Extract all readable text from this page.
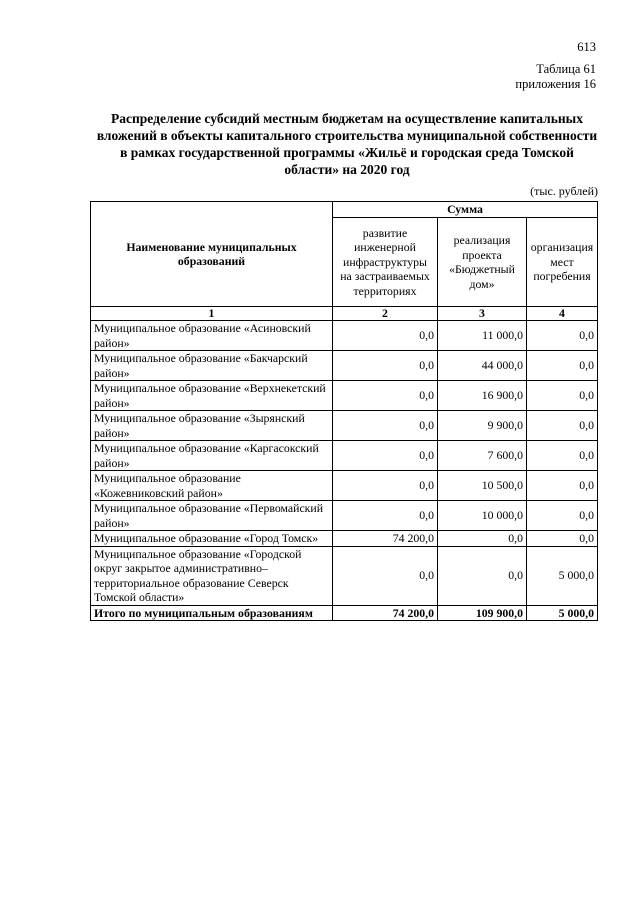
613
Таблица 61
приложения 16
Распределение субсидий местным бюджетам на осуществление капитальных вложений в объекты капитального строительства муниципальной собственности в рамках государственной программы «Жильё и городская среда Томской области» на 2020 год
(тыс. рублей)
Наименование муниципальных образований	Сумма		
	развитие инженерной инфраструктуры на застраиваемых территориях	реализация проекта «Бюджетный дом»	организация мест погребения
1	2	3	4
Муниципальное образование «Асиновский район»	0,0	11 000,0	0,0
Муниципальное образование «Бакчарский район»	0,0	44 000,0	0,0
Муниципальное образование «Верхнекетский район»	0,0	16 900,0	0,0
Муниципальное образование «Зырянский район»	0,0	9 900,0	0,0
Муниципальное образование «Каргасокский район»	0,0	7 600,0	0,0
Муниципальное образование «Кожевниковский район»	0,0	10 500,0	0,0
Муниципальное образование «Первомайский район»	0,0	10 000,0	0,0
Муниципальное образование «Город Томск»	74 200,0	0,0	0,0
Муниципальное образование «Городской округ закрытое административно–территориальное образование Северск Томской области»	0,0	0,0	5 000,0
Итого по муниципальным образованиям	74 200,0	109 900,0	5 000,0
